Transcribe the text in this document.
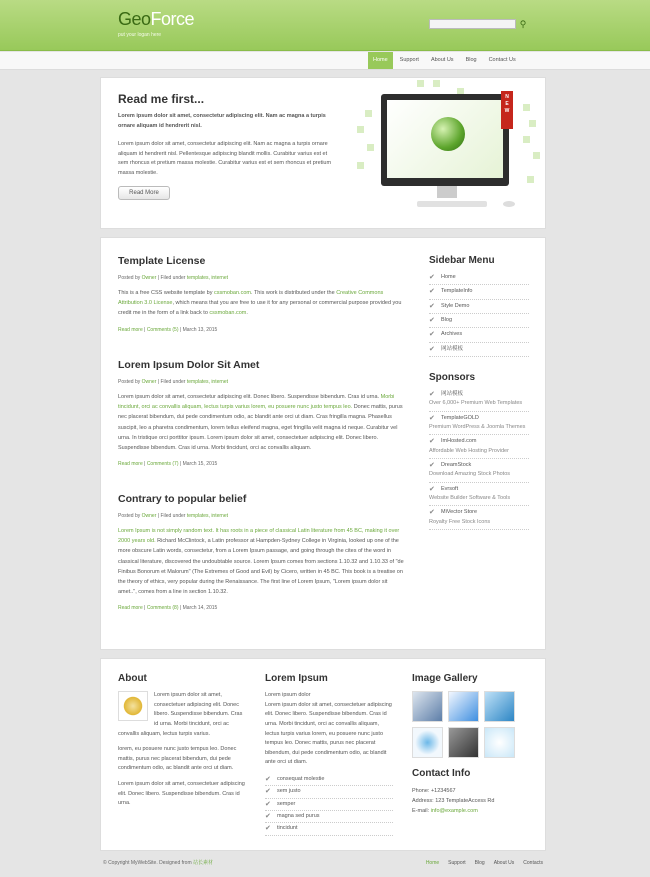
GeoForce
put your logan here
⚲
Home	Support	About Us	Blog	Contact Us
Read me first...
Lorem ipsum dolor sit amet, consectetur adipiscing elit. Nam ac magna a turpis ornare aliquam id hendrerit nisl.
Lorem ipsum dolor sit amet, consectetur adipiscing elit. Nam ac magna a turpis ornare aliquam id hendrerit nisl. Pellentesque adipiscing blandit mollis. Curabitur varius est et sem rhoncus et pretium massa molestie. Curabitur varius est et sem rhoncus et pretium massa molestie.
Read More
NEW
Template License
Posted by Owner | Filed under templates, internet

This is a free CSS website template by cssmoban.com. This work is distributed under the Creative Commons Attribution 3.0 License, which means that you are free to use it for any personal or commercial purpose provided you credit me in the form of a link back to cssmoban.com.

Read more | Comments (5) | March 13, 2015
Lorem Ipsum Dolor Sit Amet
Posted by Owner | Filed under templates, internet

Lorem ipsum dolor sit amet, consectetur adipiscing elit. Donec libero. Suspendisse bibendum. Cras id urna. Morbi tincidunt, orci ac convallis aliquam, lectus turpis varius lorem, eu posuere nunc justo tempus leo. Donec mattis, purus nec placerat bibendum, dui pede condimentum odio, ac blandit ante orci ut diam. Cras fringilla magna. Phasellus suscipit, leo a pharetra condimentum, lorem tellus eleifend magna, eget fringilla velit magna id neque. Curabitur vel urna. In tristique orci porttitor ipsum. Lorem ipsum dolor sit amet, consectetuer adipiscing elit. Donec libero. Suspendisse bibendum. Cras id urna. Morbi tincidunt, orci ac convallis aliquam.

Read more | Comments (7) | March 15, 2015
Contrary to popular belief
Posted by Owner | Filed under templates, internet

Lorem Ipsum is not simply random text. It has roots in a piece of classical Latin literature from 45 BC, making it over 2000 years old. Richard McClintock, a Latin professor at Hampden-Sydney College in Virginia, looked up one of the more obscure Latin words, consectetur, from a Lorem Ipsum passage, and going through the cites of the word in classical literature, discovered the undoubtable source. Lorem Ipsum comes from sections 1.10.32 and 1.10.33 of "de Finibus Bonorum et Malorum" (The Extremes of Good and Evil) by Cicero, written in 45 BC. This book is a treatise on the theory of ethics, very popular during the Renaissance. The first line of Lorem Ipsum, "Lorem ipsum dolor sit amet..", comes from a line in section 1.10.32.

Read more | Comments (8) | March 14, 2015
Sidebar Menu
✔ Home
✔ TemplateInfo
✔ Style Demo
✔ Blog
✔ Archives
✔ 网站模板
Sponsors
✔ 网站模板
Over 6,000+ Premium Web Templates
✔ TemplateGOLD
Premium WordPress & Joomla Themes
✔ ImHosted.com
Affordable Web Hosting Provider
✔ DreamStock
Download Amazing Stock Photos
✔ Evrsoft
Website Builder Software & Tools
✔ MiVector Store
Royalty Free Stock Icons
About

Lorem ipsum dolor sit amet, consectetuer adipiscing elit. Donec libero. Suspendisse bibendum. Cras id urna. Morbi tincidunt, orci ac convallis aliquam, lectus turpis varius.

lorem, eu posuere nunc justo tempus leo. Donec mattis, purus nec placerat bibendum, dui pede condimentum odio, ac blandit ante orci ut diam.

Lorem ipsum dolor sit amet, consectetuer adipiscing elit. Donec libero. Suspendisse bibendum. Cras id urna.

Lorem Ipsum

Lorem ipsum dolor

Lorem ipsum dolor sit amet, consectetuer adipiscing elit. Donec libero. Suspendisse bibendum. Cras id urna. Morbi tincidunt, orci ac convallis aliquam, lectus turpis varius lorem, eu posuere nunc justo tempus leo. Donec mattis, purus nec placerat bibendum, dui pede condimentum odio, ac blandit ante orci ut diam.

✔ consequat molestie
✔ sem justo
✔ semper
✔ magna sed purus
✔ tincidunt
Image Gallery
Contact Info
Phone: +1234567
Address: 123 TemplateAccess Rd
E-mail: info@example.com
© Copyright MyWebSite. Designed from 站长素材	Home Support Blog About Us Contacts
